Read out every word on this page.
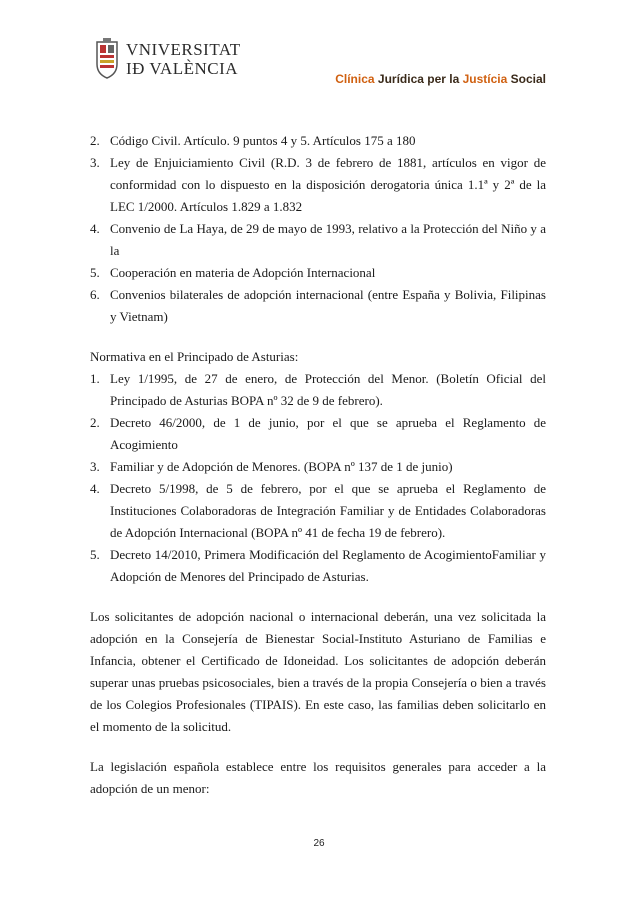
VNIVERSITAT
IÐ VALÈNCIA
Clínica Jurídica per la Justícia Social
2. Código Civil. Artículo. 9 puntos 4 y 5. Artículos 175 a 180
3. Ley de Enjuiciamiento Civil (R.D. 3 de febrero de 1881, artículos en vigor de conformidad con lo dispuesto en la disposición derogatoria única 1.1ª y 2ª de la LEC 1/2000. Artículos 1.829 a 1.832
4. Convenio de La Haya, de 29 de mayo de 1993, relativo a la Protección del Niño y a la
5. Cooperación en materia de Adopción Internacional
6. Convenios bilaterales de adopción internacional (entre España y Bolivia, Filipinas y Vietnam)
Normativa en el Principado de Asturias:
1. Ley 1/1995, de 27 de enero, de Protección del Menor. (Boletín Oficial del Principado de Asturias BOPA nº 32 de 9 de febrero).
2. Decreto 46/2000, de 1 de junio, por el que se aprueba el Reglamento de Acogimiento
3. Familiar y de Adopción de Menores. (BOPA nº 137 de 1 de junio)
4. Decreto 5/1998, de 5 de febrero, por el que se aprueba el Reglamento de Instituciones Colaboradoras de Integración Familiar y de Entidades Colaboradoras de Adopción Internacional (BOPA nº 41 de fecha 19 de febrero).
5. Decreto 14/2010, Primera Modificación del Reglamento de AcogimientoFamiliar y Adopción de Menores del Principado de Asturias.
Los solicitantes de adopción nacional o internacional deberán, una vez solicitada la adopción en la Consejería de Bienestar Social-Instituto Asturiano de Familias e Infancia, obtener el Certificado de Idoneidad. Los solicitantes de adopción deberán superar unas pruebas psicosociales, bien a través de la propia Consejería o bien a través de los Colegios Profesionales (TIPAIS). En este caso, las familias deben solicitarlo en el momento de la solicitud.
La legislación española establece entre los requisitos generales para acceder a la adopción de un menor:
26
